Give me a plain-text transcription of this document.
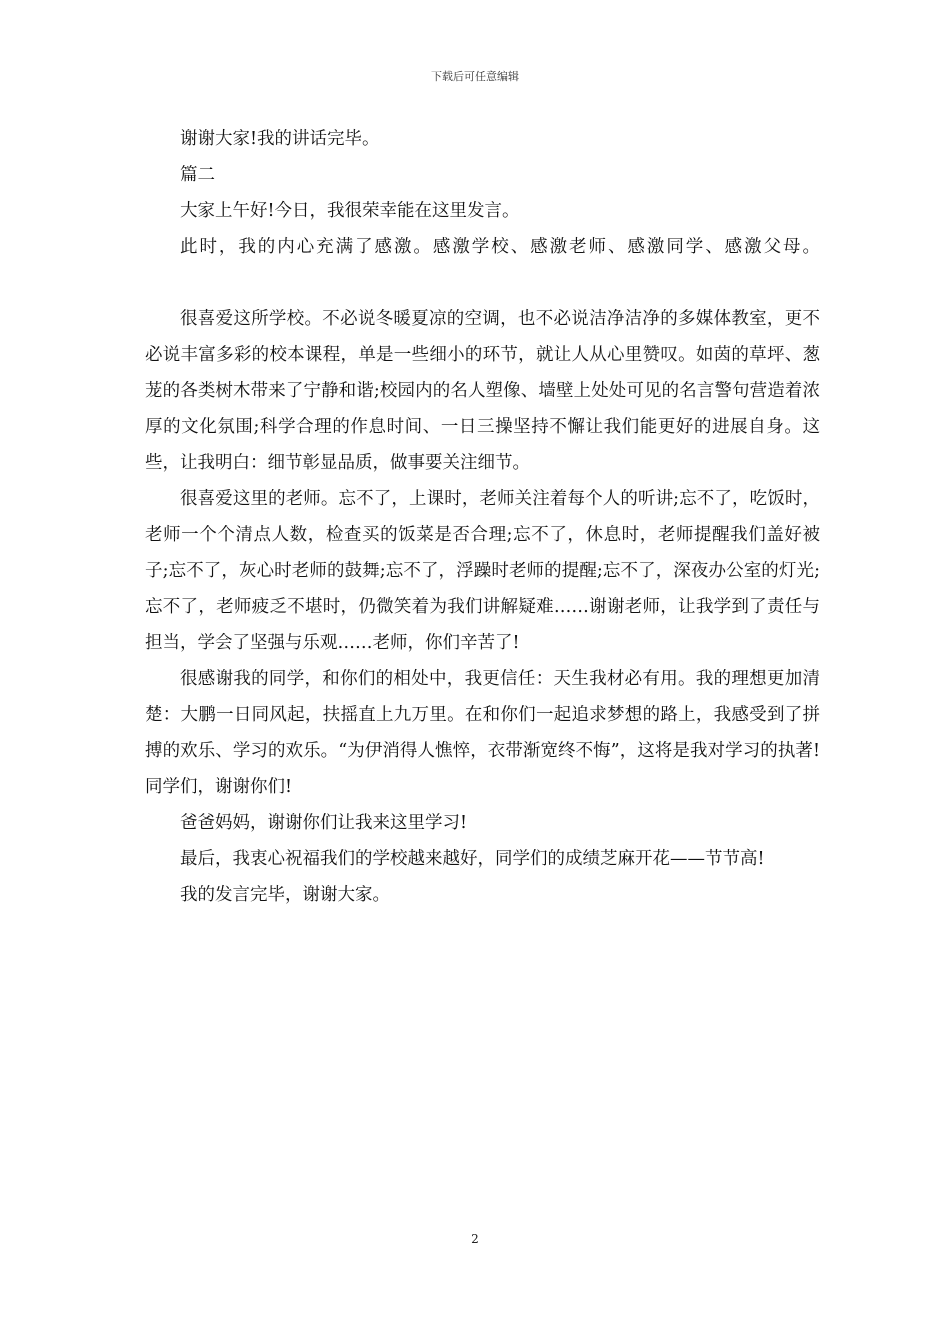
下载后可任意编辑

谢谢大家!我的讲话完毕。

篇二

大家上午好!今日，我很荣幸能在这里发言。

此时，我的内心充满了感激。感激学校、感激老师、感激同学、感激父母。

很喜爱这所学校。不必说冬暖夏凉的空调，也不必说洁净洁净的多媒体教室，更不必说丰富多彩的校本课程，单是一些细小的环节，就让人从心里赞叹。如茵的草坪、葱茏的各类树木带来了宁静和谐;校园内的名人塑像、墙壁上处处可见的名言警句营造着浓厚的文化氛围;科学合理的作息时间、一日三操坚持不懈让我们能更好的进展自身。这些，让我明白：细节彰显品质，做事要关注细节。

很喜爱这里的老师。忘不了，上课时，老师关注着每个人的听讲;忘不了，吃饭时，老师一个个清点人数，检查买的饭菜是否合理;忘不了，休息时，老师提醒我们盖好被子;忘不了，灰心时老师的鼓舞;忘不了，浮躁时老师的提醒;忘不了，深夜办公室的灯光;忘不了，老师疲乏不堪时，仍微笑着为我们讲解疑难……谢谢老师，让我学到了责任与担当，学会了坚强与乐观……老师，你们辛苦了!

很感谢我的同学，和你们的相处中，我更信任：天生我材必有用。我的理想更加清楚：大鹏一日同风起，扶摇直上九万里。在和你们一起追求梦想的路上，我感受到了拼搏的欢乐、学习的欢乐。“为伊消得人憔悴，衣带渐宽终不悔”，这将是我对学习的执著!同学们，谢谢你们!

爸爸妈妈，谢谢你们让我来这里学习!

最后，我衷心祝福我们的学校越来越好，同学们的成绩芝麻开花——节节高!

我的发言完毕，谢谢大家。

2
